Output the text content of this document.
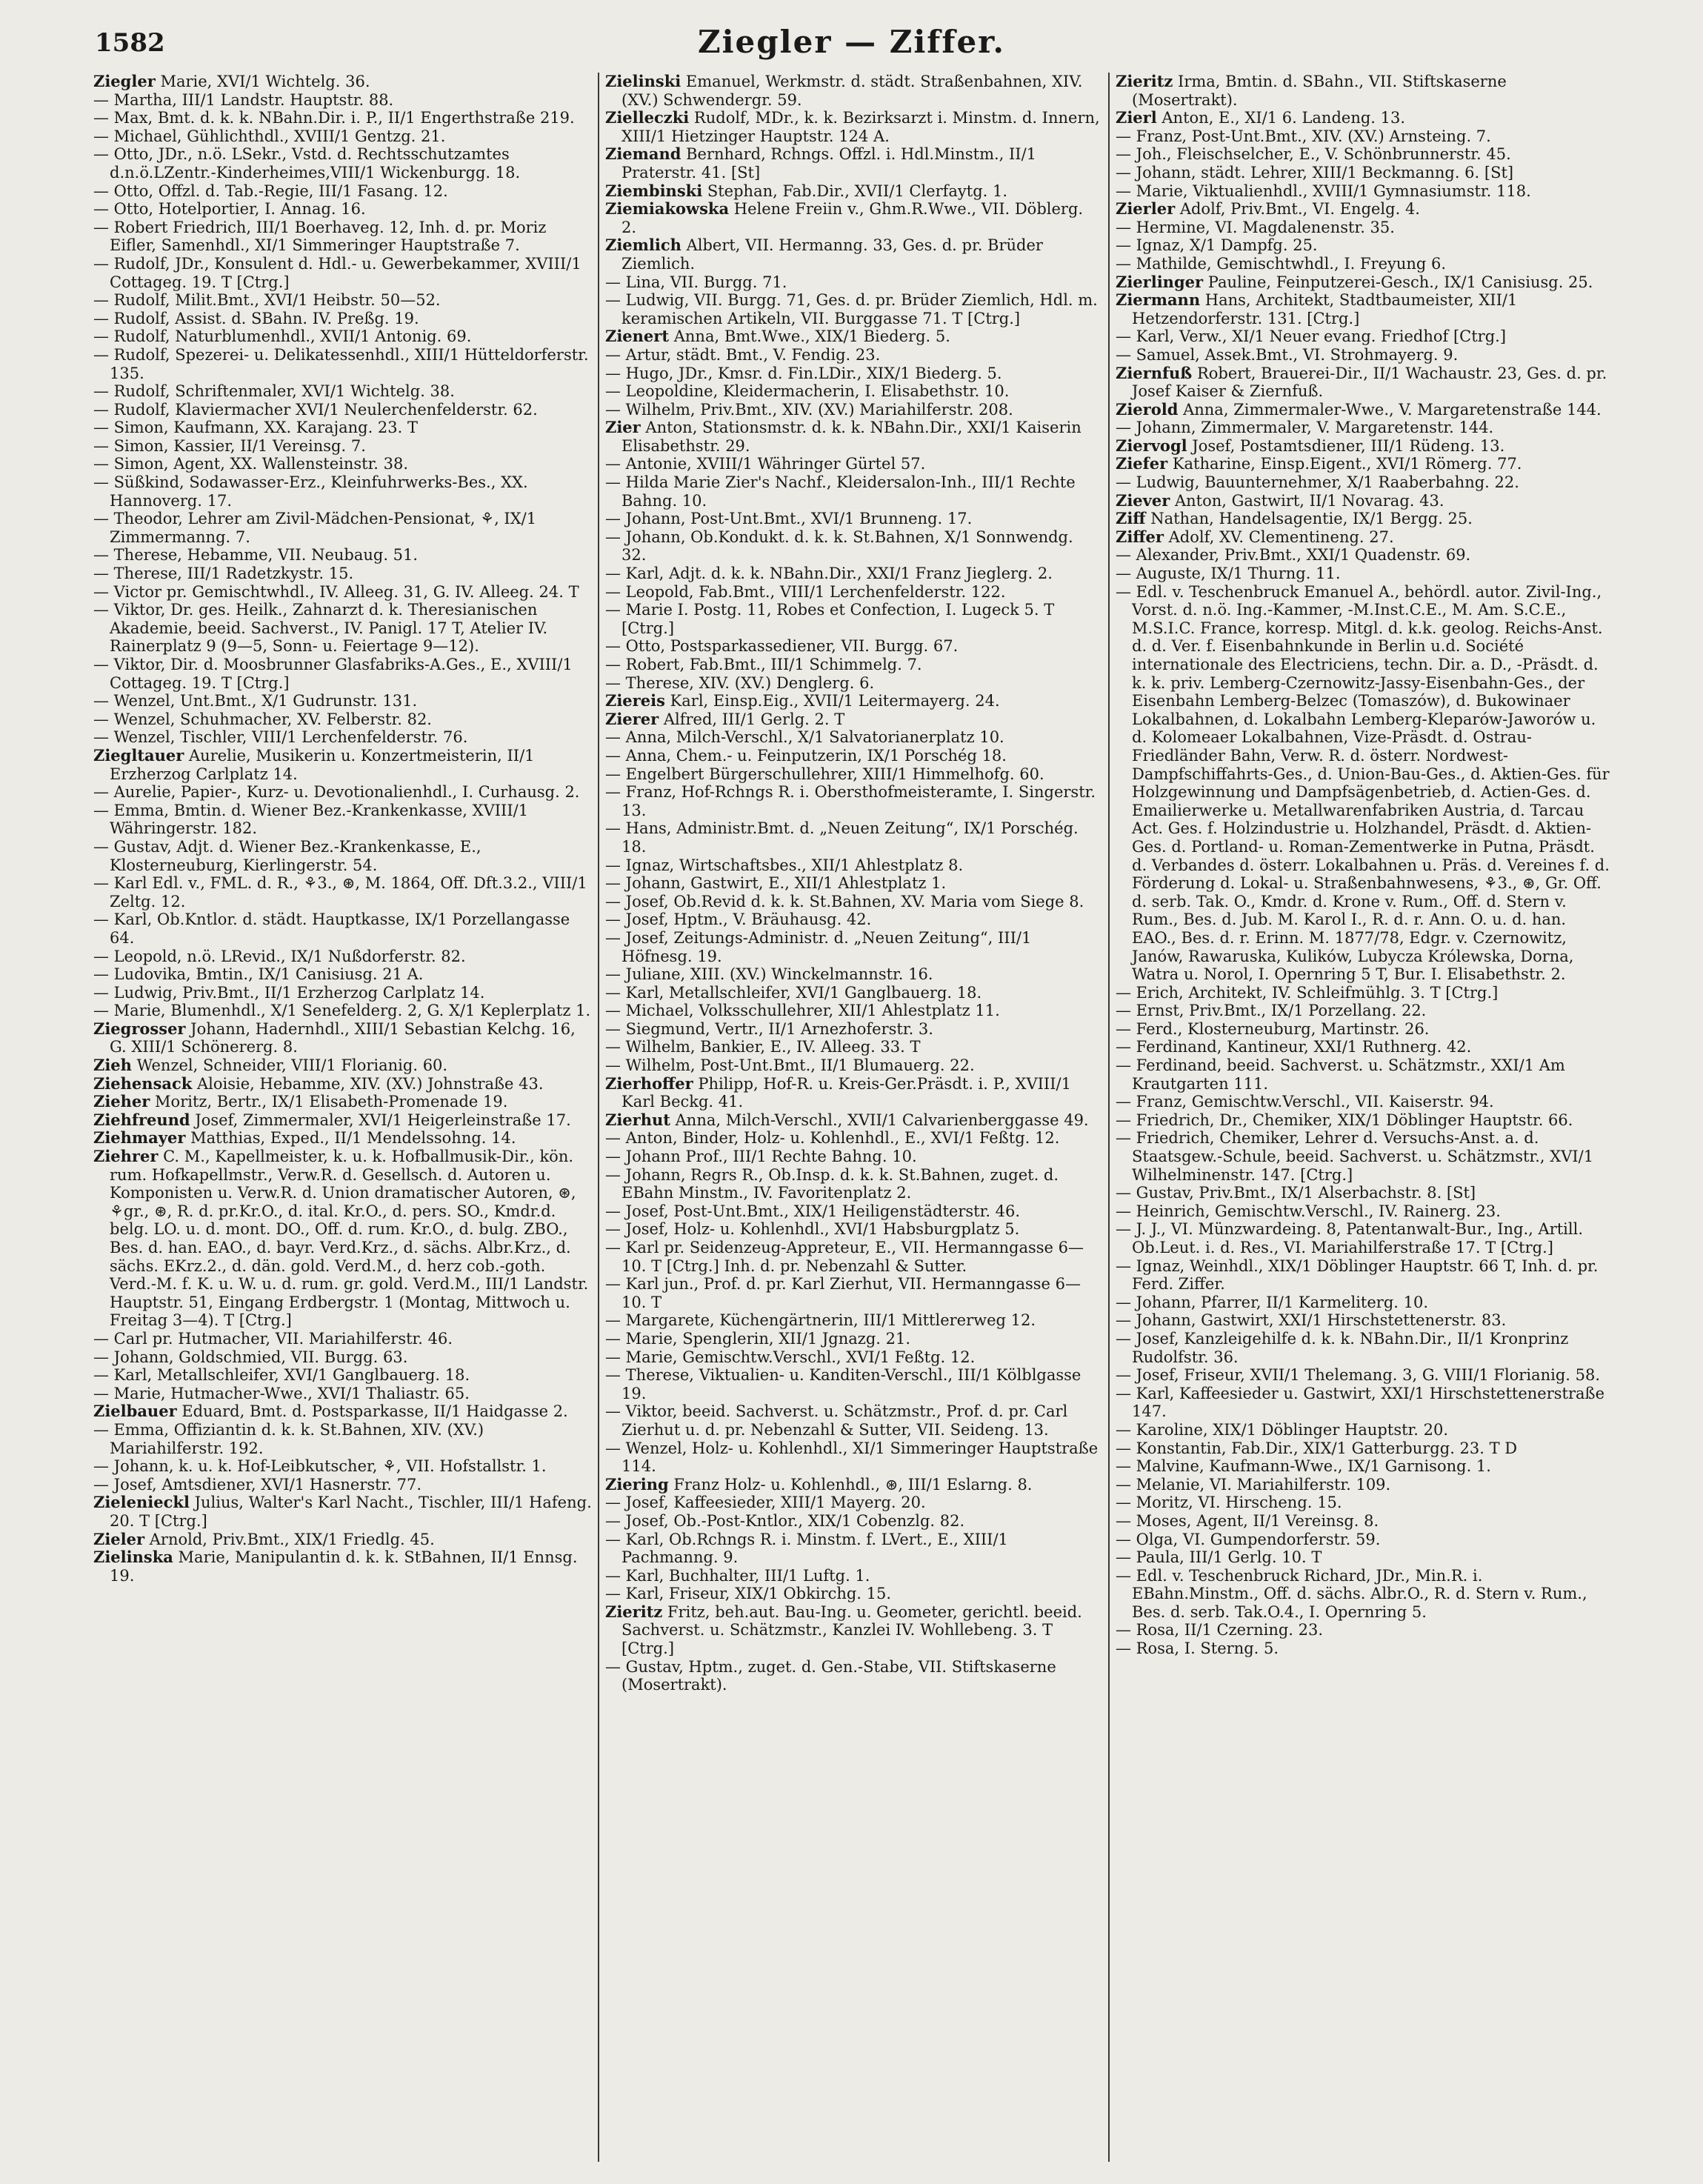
1582	Ziegler — Ziffer.

Ziegler Marie, XVI/1 Wichtelg. 36.

— Martha, III/1 Landstr. Hauptstr. 88.

— Max, Bmt. d. k. k. NBahn.Dir. i. P., II/1 Engerthstraße 219.

— Michael, Gühlichthdl., XVIII/1 Gentzg. 21.

— Otto, JDr., n.ö. LSekr., Vstd. d. Rechtsschutzamtes d.n.ö.LZentr.-Kinderheimes,VIII/1 Wickenburgg. 18.

— Otto, Offzl. d. Tab.-Regie, III/1 Fasang. 12.

— Otto, Hotelportier, I. Annag. 16.

— Robert Friedrich, III/1 Boerhaveg. 12, Inh. d. pr. Moriz Eifler, Samenhdl., XI/1 Simmeringer Hauptstraße 7.

— Rudolf, JDr., Konsulent d. Hdl.- u. Gewerbekammer, XVIII/1 Cottageg. 19. T [Ctrg.]

— Rudolf, Milit.Bmt., XVI/1 Heibstr. 50—52.

— Rudolf, Assist. d. SBahn. IV. Preßg. 19.

— Rudolf, Naturblumenhdl., XVII/1 Antonig. 69.

— Rudolf, Spezerei- u. Delikatessenhdl., XIII/1 Hütteldorferstr. 135.

— Rudolf, Schriftenmaler, XVI/1 Wichtelg. 38.

— Rudolf, Klaviermacher XVI/1 Neulerchenfelderstr. 62.

— Simon, Kaufmann, XX. Karajang. 23. T

— Simon, Kassier, II/1 Vereinsg. 7.

— Simon, Agent, XX. Wallensteinstr. 38.

— Süßkind, Sodawasser-Erz., Kleinfuhrwerks-Bes., XX. Hannoverg. 17.

— Theodor, Lehrer am Zivil-Mädchen-Pensionat, ⚘, IX/1 Zimmermanng. 7.

— Therese, Hebamme, VII. Neubaug. 51.

— Therese, III/1 Radetzkystr. 15.

— Victor pr. Gemischtwhdl., IV. Alleeg. 31, G. IV. Alleeg. 24. T

— Viktor, Dr. ges. Heilk., Zahnarzt d. k. Theresianischen Akademie, beeid. Sachverst., IV. Panigl. 17 T, Atelier IV. Rainerplatz 9 (9—5, Sonn- u. Feiertage 9—12).

— Viktor, Dir. d. Moosbrunner Glasfabriks-A.Ges., E., XVIII/1 Cottageg. 19. T [Ctrg.]

— Wenzel, Unt.Bmt., X/1 Gudrunstr. 131.

— Wenzel, Schuhmacher, XV. Felberstr. 82.

— Wenzel, Tischler, VIII/1 Lerchenfelderstr. 76.

Ziegltauer Aurelie, Musikerin u. Konzertmeisterin, II/1 Erzherzog Carlplatz 14.

— Aurelie, Papier-, Kurz- u. Devotionalienhdl., I. Curhausg. 2.

— Emma, Bmtin. d. Wiener Bez.-Krankenkasse, XVIII/1 Währingerstr. 182.

— Gustav, Adjt. d. Wiener Bez.-Krankenkasse, E., Klosterneuburg, Kierlingerstr. 54.

— Karl Edl. v., FML. d. R., ⚘3., ⊛, M. 1864, Off. Dft.3.2., VIII/1 Zeltg. 12.

— Karl, Ob.Kntlor. d. städt. Hauptkasse, IX/1 Porzellangasse 64.

— Leopold, n.ö. LRevid., IX/1 Nußdorferstr. 82.

— Ludovika, Bmtin., IX/1 Canisiusg. 21 A.

— Ludwig, Priv.Bmt., II/1 Erzherzog Carlplatz 14.

— Marie, Blumenhdl., X/1 Senefelderg. 2, G. X/1 Keplerplatz 1.

Ziegrosser Johann, Hadernhdl., XIII/1 Sebastian Kelchg. 16, G. XIII/1 Schönererg. 8.

Zieh Wenzel, Schneider, VIII/1 Florianig. 60.

Ziehensack Aloisie, Hebamme, XIV. (XV.) Johnstraße 43.

Zieher Moritz, Bertr., IX/1 Elisabeth-Promenade 19.

Ziehfreund Josef, Zimmermaler, XVI/1 Heigerleinstraße 17.

Ziehmayer Matthias, Exped., II/1 Mendelssohng. 14.

Ziehrer C. M., Kapellmeister, k. u. k. Hofballmusik-Dir., kön. rum. Hofkapellmstr., Verw.R. d. Gesellsch. d. Autoren u. Komponisten u. Verw.R. d. Union dramatischer Autoren, ⊛, ⚘gr., ⊛, R. d. pr.Kr.O., d. ital. Kr.O., d. pers. SO., Kmdr.d. belg. LO. u. d. mont. DO., Off. d. rum. Kr.O., d. bulg. ZBO., Bes. d. han. EAO., d. bayr. Verd.Krz., d. sächs. Albr.Krz., d. sächs. EKrz.2., d. dän. gold. Verd.M., d. herz cob.-goth. Verd.-M. f. K. u. W. u. d. rum. gr. gold. Verd.M., III/1 Landstr. Hauptstr. 51, Eingang Erdbergstr. 1 (Montag, Mittwoch u. Freitag 3—4). T [Ctrg.]

— Carl pr. Hutmacher, VII. Mariahilferstr. 46.

— Johann, Goldschmied, VII. Burgg. 63.

— Karl, Metallschleifer, XVI/1 Ganglbauerg. 18.

— Marie, Hutmacher-Wwe., XVI/1 Thaliastr. 65.

Zielbauer Eduard, Bmt. d. Postsparkasse, II/1 Haidgasse 2.

— Emma, Offiziantin d. k. k. St.Bahnen, XIV. (XV.) Mariahilferstr. 192.

— Johann, k. u. k. Hof-Leibkutscher, ⚘, VII. Hofstallstr. 1.

— Josef, Amtsdiener, XVI/1 Hasnerstr. 77.

Zielenieckl Julius, Walter's Karl Nacht., Tischler, III/1 Hafeng. 20. T [Ctrg.]

Zieler Arnold, Priv.Bmt., XIX/1 Friedlg. 45.

Zielinska Marie, Manipulantin d. k. k. StBahnen, II/1 Ennsg. 19.

Zielinski Emanuel, Werkmstr. d. städt. Straßenbahnen, XIV. (XV.) Schwendergr. 59.

Zielleczki Rudolf, MDr., k. k. Bezirksarzt i. Minstm. d. Innern, XIII/1 Hietzinger Hauptstr. 124 A.

Ziemand Bernhard, Rchngs. Offzl. i. Hdl.Minstm., II/1 Praterstr. 41. [St]

Ziembinski Stephan, Fab.Dir., XVII/1 Clerfaytg. 1.

Ziemiakowska Helene Freiin v., Ghm.R.Wwe., VII. Döblerg. 2.

Ziemlich Albert, VII. Hermanng. 33, Ges. d. pr. Brüder Ziemlich.

— Lina, VII. Burgg. 71.

— Ludwig, VII. Burgg. 71, Ges. d. pr. Brüder Ziemlich, Hdl. m. keramischen Artikeln, VII. Burggasse 71. T [Ctrg.]

Zienert Anna, Bmt.Wwe., XIX/1 Biederg. 5.

— Artur, städt. Bmt., V. Fendig. 23.

— Hugo, JDr., Kmsr. d. Fin.LDir., XIX/1 Biederg. 5.

— Leopoldine, Kleidermacherin, I. Elisabethstr. 10.

— Wilhelm, Priv.Bmt., XIV. (XV.) Mariahilferstr. 208.

Zier Anton, Stationsmstr. d. k. k. NBahn.Dir., XXI/1 Kaiserin Elisabethstr. 29.

— Antonie, XVIII/1 Währinger Gürtel 57.

— Hilda Marie Zier's Nachf., Kleidersalon-Inh., III/1 Rechte Bahng. 10.

— Johann, Post-Unt.Bmt., XVI/1 Brunneng. 17.

— Johann, Ob.Kondukt. d. k. k. St.Bahnen, X/1 Sonnwendg. 32.

— Karl, Adjt. d. k. k. NBahn.Dir., XXI/1 Franz Jieglerg. 2.

— Leopold, Fab.Bmt., VIII/1 Lerchenfelderstr. 122.

— Marie I. Postg. 11, Robes et Confection, I. Lugeck 5. T [Ctrg.]

— Otto, Postsparkassediener, VII. Burgg. 67.

— Robert, Fab.Bmt., III/1 Schimmelg. 7.

— Therese, XIV. (XV.) Denglerg. 6.

Ziereis Karl, Einsp.Eig., XVII/1 Leitermayerg. 24.

Zierer Alfred, III/1 Gerlg. 2. T

— Anna, Milch-Verschl., X/1 Salvatorianerplatz 10.

— Anna, Chem.- u. Feinputzerin, IX/1 Porschég 18.

— Engelbert Bürgerschullehrer, XIII/1 Himmelhofg. 60.

— Franz, Hof-Rchngs R. i. Obersthofmeisteramte, I. Singerstr. 13.

— Hans, Administr.Bmt. d. „Neuen Zeitung“, IX/1 Porschég. 18.

— Ignaz, Wirtschaftsbes., XII/1 Ahlestplatz 8.

— Johann, Gastwirt, E., XII/1 Ahlestplatz 1.

— Josef, Ob.Revid d. k. k. St.Bahnen, XV. Maria vom Siege 8.

— Josef, Hptm., V. Bräuhausg. 42.

— Josef, Zeitungs-Administr. d. „Neuen Zeitung“, III/1 Höfnesg. 19.

— Juliane, XIII. (XV.) Winckelmannstr. 16.

— Karl, Metallschleifer, XVI/1 Ganglbauerg. 18.

— Michael, Volksschullehrer, XII/1 Ahlestplatz 11.

— Siegmund, Vertr., II/1 Arnezhoferstr. 3.

— Wilhelm, Bankier, E., IV. Alleeg. 33. T

— Wilhelm, Post-Unt.Bmt., II/1 Blumauerg. 22.

Zierhoffer Philipp, Hof-R. u. Kreis-Ger.Präsdt. i. P., XVIII/1 Karl Beckg. 41.

Zierhut Anna, Milch-Verschl., XVII/1 Calvarienberggasse 49.

— Anton, Binder, Holz- u. Kohlenhdl., E., XVI/1 Feßtg. 12.

— Johann Prof., III/1 Rechte Bahng. 10.

— Johann, Regrs R., Ob.Insp. d. k. k. St.Bahnen, zuget. d. EBahn Minstm., IV. Favoritenplatz 2.

— Josef, Post-Unt.Bmt., XIX/1 Heiligenstädterstr. 46.

— Josef, Holz- u. Kohlenhdl., XVI/1 Habsburgplatz 5.

— Karl pr. Seidenzeug-Appreteur, E., VII. Hermanngasse 6—10. T [Ctrg.] Inh. d. pr. Nebenzahl & Sutter.

— Karl jun., Prof. d. pr. Karl Zierhut, VII. Hermanngasse 6—10. T

— Margarete, Küchengärtnerin, III/1 Mittlererweg 12.

— Marie, Spenglerin, XII/1 Jgnazg. 21.

— Marie, Gemischtw.Verschl., XVI/1 Feßtg. 12.

— Therese, Viktualien- u. Kanditen-Verschl., III/1 Kölblgasse 19.

— Viktor, beeid. Sachverst. u. Schätzmstr., Prof. d. pr. Carl Zierhut u. d. pr. Nebenzahl & Sutter, VII. Seideng. 13.

— Wenzel, Holz- u. Kohlenhdl., XI/1 Simmeringer Hauptstraße 114.

Ziering Franz Holz- u. Kohlenhdl., ⊛, III/1 Eslarng. 8.

— Josef, Kaffeesieder, XIII/1 Mayerg. 20.

— Josef, Ob.-Post-Kntlor., XIX/1 Cobenzlg. 82.

— Karl, Ob.Rchngs R. i. Minstm. f. LVert., E., XIII/1 Pachmanng. 9.

— Karl, Buchhalter, III/1 Luftg. 1.

— Karl, Friseur, XIX/1 Obkirchg. 15.

Zieritz Fritz, beh.aut. Bau-Ing. u. Geometer, gerichtl. beeid. Sachverst. u. Schätzmstr., Kanzlei IV. Wohllebeng. 3. T [Ctrg.]

— Gustav, Hptm., zuget. d. Gen.-Stabe, VII. Stiftskaserne (Mosertrakt).

Zieritz Irma, Bmtin. d. SBahn., VII. Stiftskaserne (Mosertrakt).

Zierl Anton, E., XI/1 6. Landeng. 13.

— Franz, Post-Unt.Bmt., XIV. (XV.) Arnsteing. 7.

— Joh., Fleischselcher, E., V. Schönbrunnerstr. 45.

— Johann, städt. Lehrer, XIII/1 Beckmanng. 6. [St]

— Marie, Viktualienhdl., XVIII/1 Gymnasiumstr. 118.

Zierler Adolf, Priv.Bmt., VI. Engelg. 4.

— Hermine, VI. Magdalenenstr. 35.

— Ignaz, X/1 Dampfg. 25.

— Mathilde, Gemischtwhdl., I. Freyung 6.

Zierlinger Pauline, Feinputzerei-Gesch., IX/1 Canisiusg. 25.

Ziermann Hans, Architekt, Stadtbaumeister, XII/1 Hetzendorferstr. 131. [Ctrg.]

— Karl, Verw., XI/1 Neuer evang. Friedhof [Ctrg.]

— Samuel, Assek.Bmt., VI. Strohmayerg. 9.

Ziernfuß Robert, Brauerei-Dir., II/1 Wachaustr. 23, Ges. d. pr. Josef Kaiser & Ziernfuß.

Zierold Anna, Zimmermaler-Wwe., V. Margaretenstraße 144.

— Johann, Zimmermaler, V. Margaretenstr. 144.

Ziervogl Josef, Postamtsdiener, III/1 Rüdeng. 13.

Ziefer Katharine, Einsp.Eigent., XVI/1 Römerg. 77.

— Ludwig, Bauunternehmer, X/1 Raaberbahng. 22.

Ziever Anton, Gastwirt, II/1 Novarag. 43.

Ziff Nathan, Handelsagentie, IX/1 Bergg. 25.

Ziffer Adolf, XV. Clementineng. 27.

— Alexander, Priv.Bmt., XXI/1 Quadenstr. 69.

— Auguste, IX/1 Thurng. 11.

— Edl. v. Teschenbruck Emanuel A., behördl. autor. Zivil-Ing., Vorst. d. n.ö. Ing.-Kammer, -M.Inst.C.E., M. Am. S.C.E., M.S.I.C. France, korresp. Mitgl. d. k.k. geolog. Reichs-Anst. d. d. Ver. f. Eisenbahnkunde in Berlin u.d. Société internationale des Electriciens, techn. Dir. a. D., -Präsdt. d. k. k. priv. Lemberg-Czernowitz-Jassy-Eisenbahn-Ges., der Eisenbahn Lemberg-Belzec (Tomaszów), d. Bukowinaer Lokalbahnen, d. Lokalbahn Lemberg-Kleparów-Jaworów u. d. Kolomeaer Lokalbahnen, Vize-Präsdt. d. Ostrau-Friedländer Bahn, Verw. R. d. österr. Nordwest-Dampfschiffahrts-Ges., d. Union-Bau-Ges., d. Aktien-Ges. für Holzgewinnung und Dampfsägenbetrieb, d. Actien-Ges. d. Emailierwerke u. Metallwarenfabriken Austria, d. Tarcau Act. Ges. f. Holzindustrie u. Holzhandel, Präsdt. d. Aktien-Ges. d. Portland- u. Roman-Zementwerke in Putna, Präsdt. d. Verbandes d. österr. Lokalbahnen u. Präs. d. Vereines f. d. Förderung d. Lokal- u. Straßenbahnwesens, ⚘3., ⊛, Gr. Off. d. serb. Tak. O., Kmdr. d. Krone v. Rum., Off. d. Stern v. Rum., Bes. d. Jub. M. Karol I., R. d. r. Ann. O. u. d. han. EAO., Bes. d. r. Erinn. M. 1877/78, Edgr. v. Czernowitz, Janów, Rawaruska, Kulików, Lubycza Królewska, Dorna, Watra u. Norol, I. Opernring 5 T, Bur. I. Elisabethstr. 2.

— Erich, Architekt, IV. Schleifmühlg. 3. T [Ctrg.]

— Ernst, Priv.Bmt., IX/1 Porzellang. 22.

— Ferd., Klosterneuburg, Martinstr. 26.

— Ferdinand, Kantineur, XXI/1 Ruthnerg. 42.

— Ferdinand, beeid. Sachverst. u. Schätzmstr., XXI/1 Am Krautgarten 111.

— Franz, Gemischtw.Verschl., VII. Kaiserstr. 94.

— Friedrich, Dr., Chemiker, XIX/1 Döblinger Hauptstr. 66.

— Friedrich, Chemiker, Lehrer d. Versuchs-Anst. a. d. Staatsgew.-Schule, beeid. Sachverst. u. Schätzmstr., XVI/1 Wilhelminenstr. 147. [Ctrg.]

— Gustav, Priv.Bmt., IX/1 Alserbachstr. 8. [St]

— Heinrich, Gemischtw.Verschl., IV. Rainerg. 23.

— J. J., VI. Münzwardeing. 8, Patentanwalt-Bur., Ing., Artill. Ob.Leut. i. d. Res., VI. Mariahilferstraße 17. T [Ctrg.]

— Ignaz, Weinhdl., XIX/1 Döblinger Hauptstr. 66 T, Inh. d. pr. Ferd. Ziffer.

— Johann, Pfarrer, II/1 Karmeliterg. 10.

— Johann, Gastwirt, XXI/1 Hirschstettenerstr. 83.

— Josef, Kanzleigehilfe d. k. k. NBahn.Dir., II/1 Kronprinz Rudolfstr. 36.

— Josef, Friseur, XVII/1 Thelemang. 3, G. VIII/1 Florianig. 58.

— Karl, Kaffeesieder u. Gastwirt, XXI/1 Hirschstettenerstraße 147.

— Karoline, XIX/1 Döblinger Hauptstr. 20.

— Konstantin, Fab.Dir., XIX/1 Gatterburgg. 23. T D

— Malvine, Kaufmann-Wwe., IX/1 Garnisong. 1.

— Melanie, VI. Mariahilferstr. 109.

— Moritz, VI. Hirscheng. 15.

— Moses, Agent, II/1 Vereinsg. 8.

— Olga, VI. Gumpendorferstr. 59.

— Paula, III/1 Gerlg. 10. T

— Edl. v. Teschenbruck Richard, JDr., Min.R. i. EBahn.Minstm., Off. d. sächs. Albr.O., R. d. Stern v. Rum., Bes. d. serb. Tak.O.4., I. Opernring 5.

— Rosa, II/1 Czerning. 23.

— Rosa, I. Sterng. 5.
